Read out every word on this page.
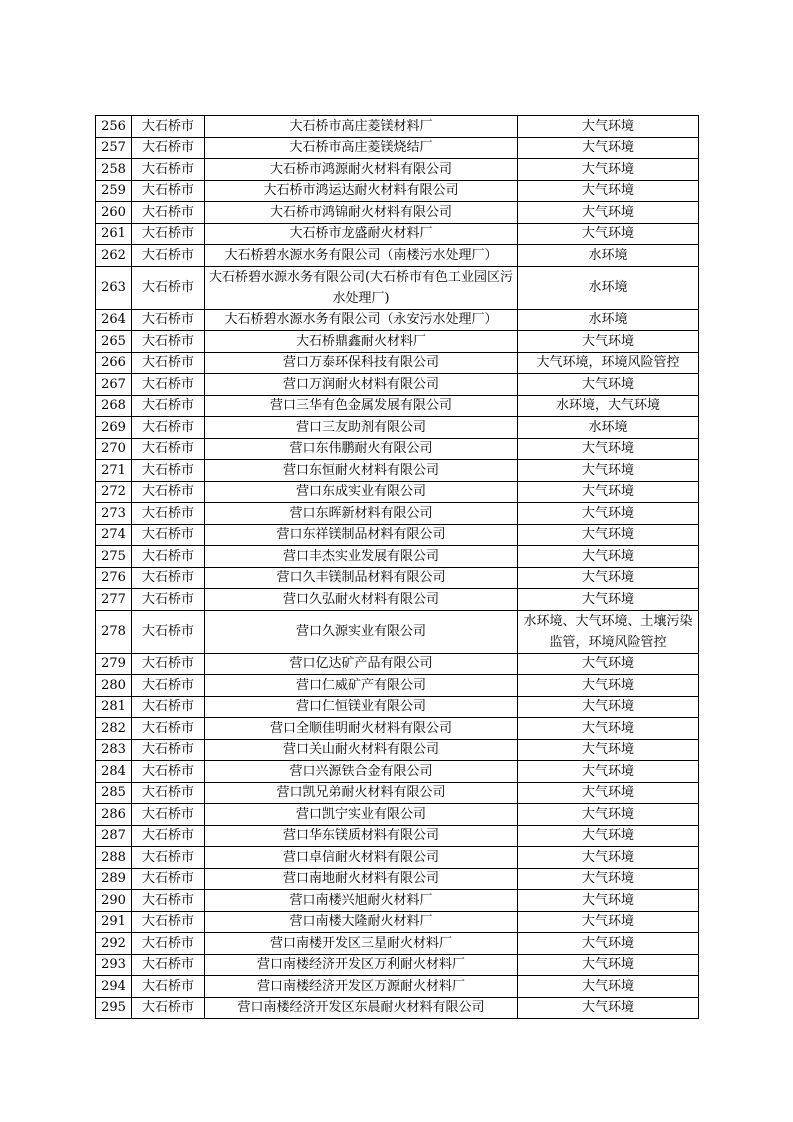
256	大石桥市	大石桥市高庄菱镁材料厂	大气环境
257	大石桥市	大石桥市高庄菱镁烧结厂	大气环境
258	大石桥市	大石桥市鸿源耐火材料有限公司	大气环境
259	大石桥市	大石桥市鸿运达耐火材料有限公司	大气环境
260	大石桥市	大石桥市鸿锦耐火材料有限公司	大气环境
261	大石桥市	大石桥市龙盛耐火材料厂	大气环境
262	大石桥市	大石桥碧水源水务有限公司（南楼污水处理厂）	水环境
263	大石桥市	大石桥碧水源水务有限公司(大石桥市有色工业园区污水处理厂)	水环境
264	大石桥市	大石桥碧水源水务有限公司（永安污水处理厂）	水环境
265	大石桥市	大石桥鼎鑫耐火材料厂	大气环境
266	大石桥市	营口万泰环保科技有限公司	大气环境，环境风险管控
267	大石桥市	营口万润耐火材料有限公司	大气环境
268	大石桥市	营口三华有色金属发展有限公司	水环境，大气环境
269	大石桥市	营口三友助剂有限公司	水环境
270	大石桥市	营口东伟鹏耐火有限公司	大气环境
271	大石桥市	营口东恒耐火材料有限公司	大气环境
272	大石桥市	营口东成实业有限公司	大气环境
273	大石桥市	营口东晖新材料有限公司	大气环境
274	大石桥市	营口东祥镁制品材料有限公司	大气环境
275	大石桥市	营口丰杰实业发展有限公司	大气环境
276	大石桥市	营口久丰镁制品材料有限公司	大气环境
277	大石桥市	营口久弘耐火材料有限公司	大气环境
278	大石桥市	营口久源实业有限公司	水环境、大气环境、土壤污染监管，环境风险管控
279	大石桥市	营口亿达矿产品有限公司	大气环境
280	大石桥市	营口仁威矿产有限公司	大气环境
281	大石桥市	营口仁恒镁业有限公司	大气环境
282	大石桥市	营口全顺佳明耐火材料有限公司	大气环境
283	大石桥市	营口关山耐火材料有限公司	大气环境
284	大石桥市	营口兴源铁合金有限公司	大气环境
285	大石桥市	营口凯兄弟耐火材料有限公司	大气环境
286	大石桥市	营口凯宁实业有限公司	大气环境
287	大石桥市	营口华东镁质材料有限公司	大气环境
288	大石桥市	营口卓信耐火材料有限公司	大气环境
289	大石桥市	营口南地耐火材料有限公司	大气环境
290	大石桥市	营口南楼兴旭耐火材料厂	大气环境
291	大石桥市	营口南楼大隆耐火材料厂	大气环境
292	大石桥市	营口南楼开发区三星耐火材料厂	大气环境
293	大石桥市	营口南楼经济开发区万利耐火材料厂	大气环境
294	大石桥市	营口南楼经济开发区万源耐火材料厂	大气环境
295	大石桥市	营口南楼经济开发区东晨耐火材料有限公司	大气环境
